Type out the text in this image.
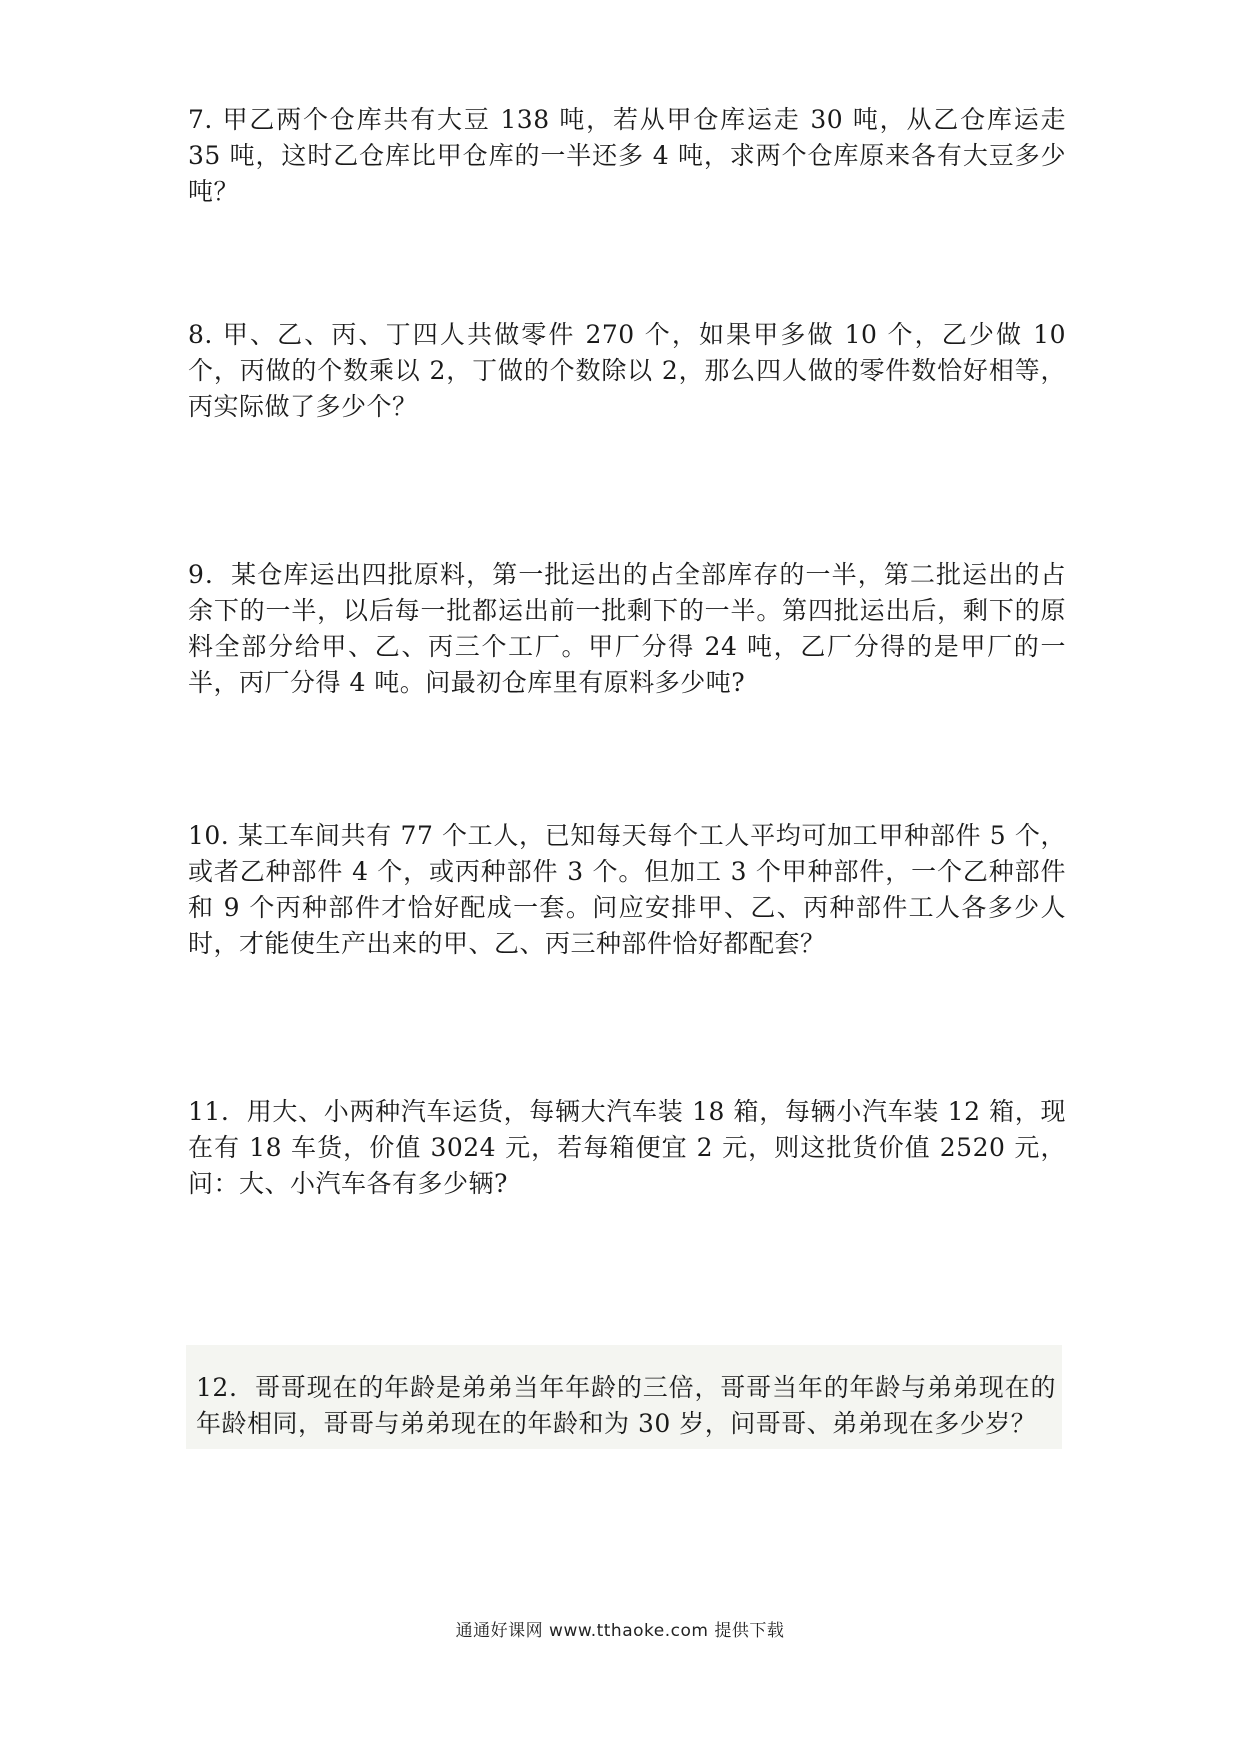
7. 甲乙两个仓库共有大豆 138 吨，若从甲仓库运走 30 吨，从乙仓库运走 35 吨，这时乙仓库比甲仓库的一半还多 4 吨，求两个仓库原来各有大豆多少吨？

8. 甲、乙、丙、丁四人共做零件 270 个，如果甲多做 10 个，乙少做 10 个，丙做的个数乘以 2，丁做的个数除以 2，那么四人做的零件数恰好相等，丙实际做了多少个？

9．某仓库运出四批原料，第一批运出的占全部库存的一半，第二批运出的占余下的一半，以后每一批都运出前一批剩下的一半。第四批运出后，剩下的原料全部分给甲、乙、丙三个工厂。甲厂分得 24 吨，乙厂分得的是甲厂的一半，丙厂分得 4 吨。问最初仓库里有原料多少吨?

10. 某工车间共有 77 个工人，已知每天每个工人平均可加工甲种部件 5 个，或者乙种部件 4 个，或丙种部件 3 个。但加工 3 个甲种部件，一个乙种部件和 9 个丙种部件才恰好配成一套。问应安排甲、乙、丙种部件工人各多少人时，才能使生产出来的甲、乙、丙三种部件恰好都配套？

11．用大、小两种汽车运货，每辆大汽车装 18 箱，每辆小汽车装 12 箱，现在有 18 车货，价值 3024 元，若每箱便宜 2 元，则这批货价值 2520 元，问：大、小汽车各有多少辆?

12．哥哥现在的年龄是弟弟当年年龄的三倍，哥哥当年的年龄与弟弟现在的年龄相同，哥哥与弟弟现在的年龄和为 30 岁，问哥哥、弟弟现在多少岁？

通通好课网 www.tthaoke.com 提供下载
